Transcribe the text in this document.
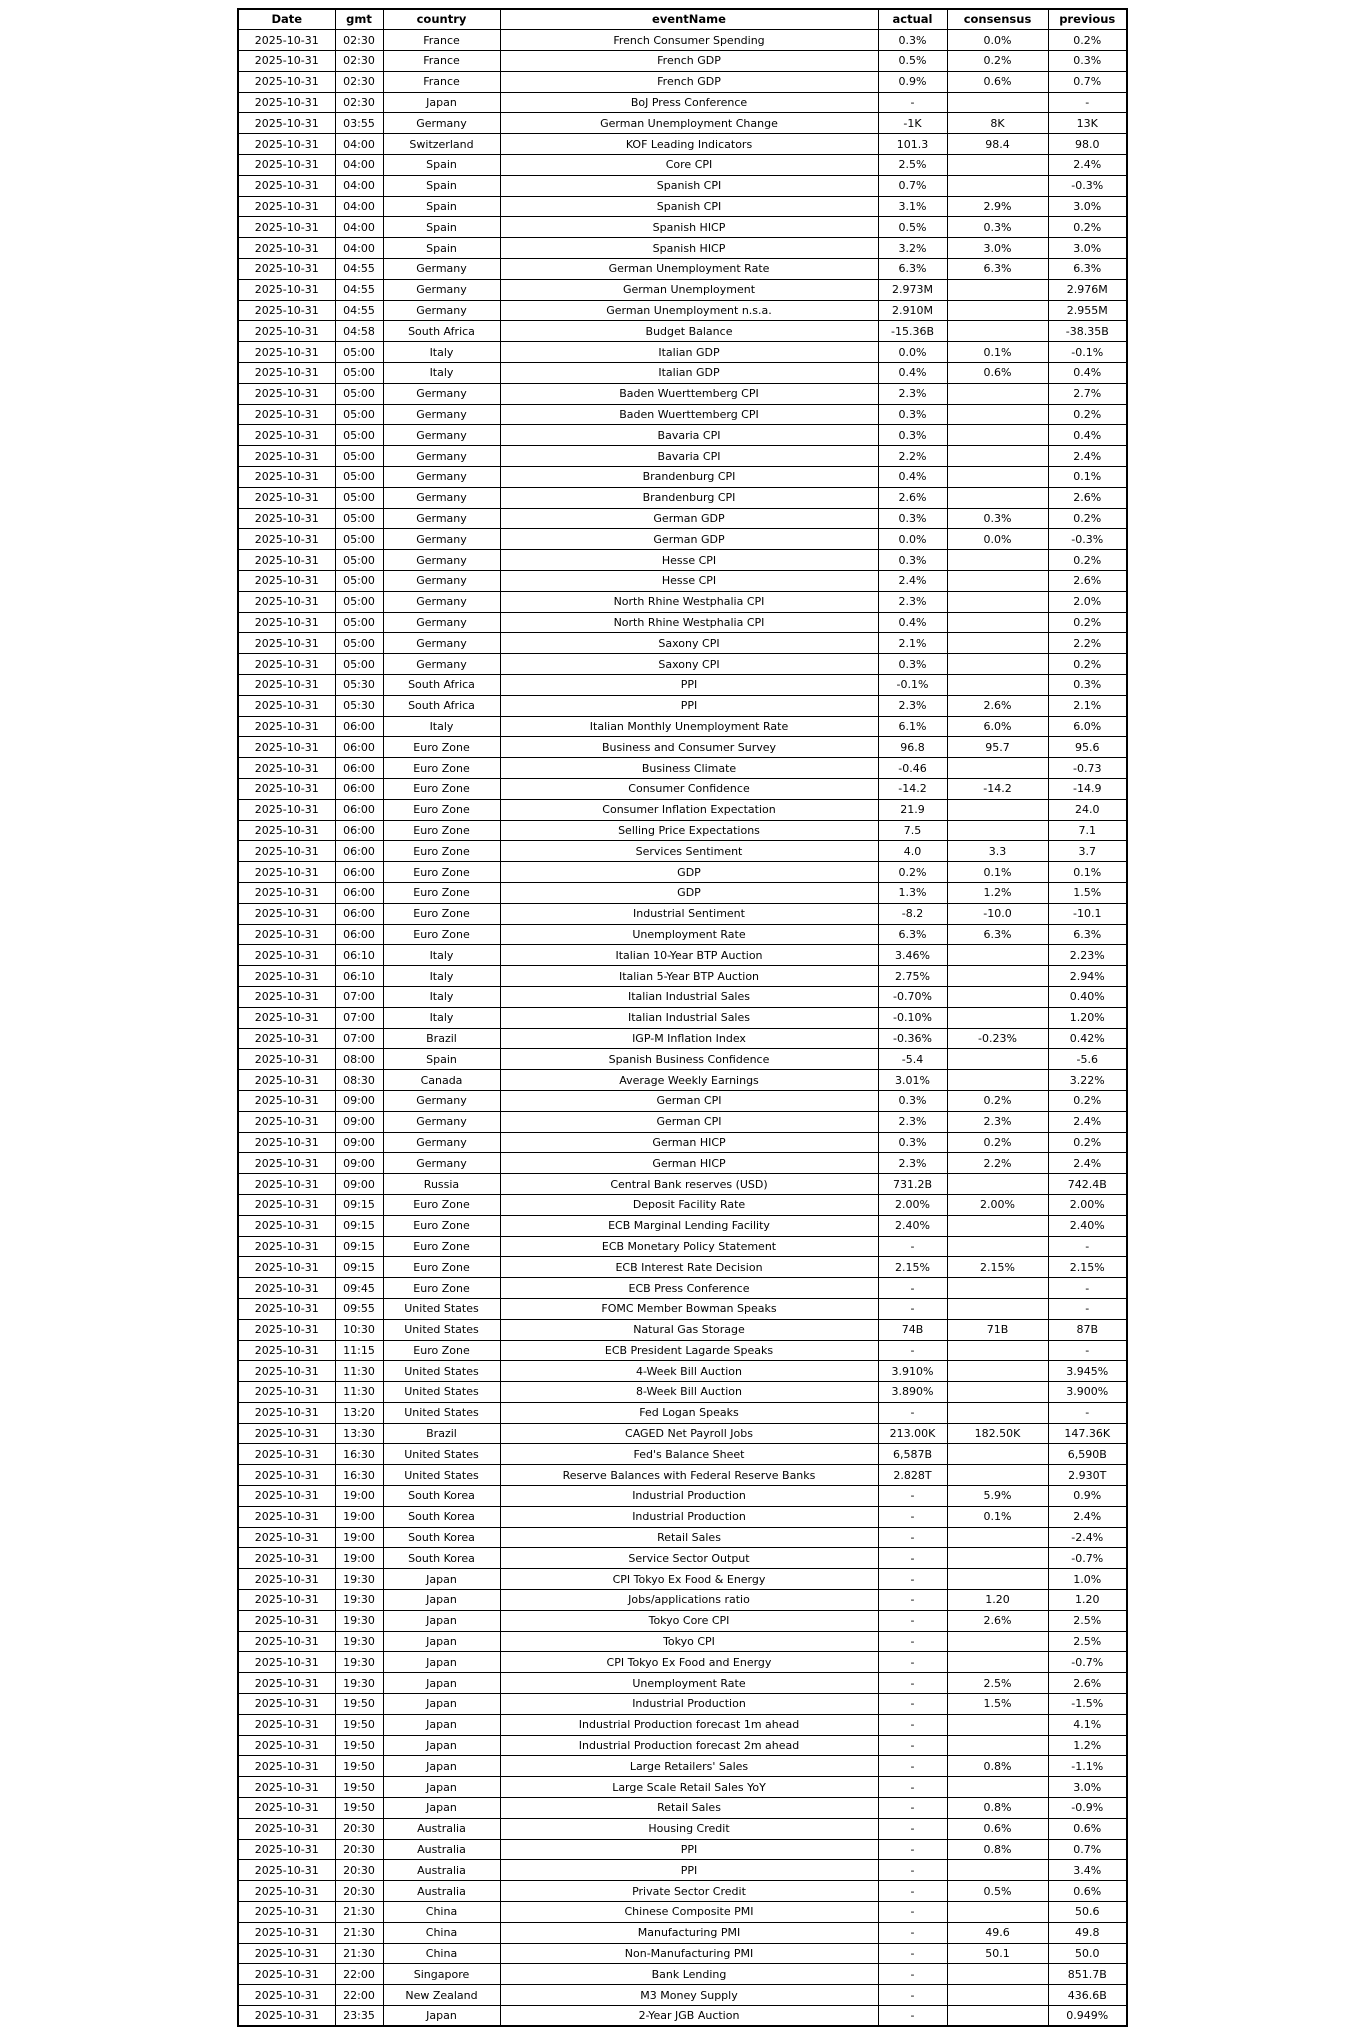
Date	gmt	country	eventName	actual	consensus	previous
2025-10-31	02:30	France	French Consumer Spending	0.3%	0.0%	0.2%
2025-10-31	02:30	France	French GDP	0.5%	0.2%	0.3%
2025-10-31	02:30	France	French GDP	0.9%	0.6%	0.7%
2025-10-31	02:30	Japan	BoJ Press Conference	-		-
2025-10-31	03:55	Germany	German Unemployment Change	-1K	8K	13K
2025-10-31	04:00	Switzerland	KOF Leading Indicators	101.3	98.4	98.0
2025-10-31	04:00	Spain	Core CPI	2.5%		2.4%
2025-10-31	04:00	Spain	Spanish CPI	0.7%		-0.3%
2025-10-31	04:00	Spain	Spanish CPI	3.1%	2.9%	3.0%
2025-10-31	04:00	Spain	Spanish HICP	0.5%	0.3%	0.2%
2025-10-31	04:00	Spain	Spanish HICP	3.2%	3.0%	3.0%
2025-10-31	04:55	Germany	German Unemployment Rate	6.3%	6.3%	6.3%
2025-10-31	04:55	Germany	German Unemployment	2.973M		2.976M
2025-10-31	04:55	Germany	German Unemployment n.s.a.	2.910M		2.955M
2025-10-31	04:58	South Africa	Budget Balance	-15.36B		-38.35B
2025-10-31	05:00	Italy	Italian GDP	0.0%	0.1%	-0.1%
2025-10-31	05:00	Italy	Italian GDP	0.4%	0.6%	0.4%
2025-10-31	05:00	Germany	Baden Wuerttemberg CPI	2.3%		2.7%
2025-10-31	05:00	Germany	Baden Wuerttemberg CPI	0.3%		0.2%
2025-10-31	05:00	Germany	Bavaria CPI	0.3%		0.4%
2025-10-31	05:00	Germany	Bavaria CPI	2.2%		2.4%
2025-10-31	05:00	Germany	Brandenburg CPI	0.4%		0.1%
2025-10-31	05:00	Germany	Brandenburg CPI	2.6%		2.6%
2025-10-31	05:00	Germany	German GDP	0.3%	0.3%	0.2%
2025-10-31	05:00	Germany	German GDP	0.0%	0.0%	-0.3%
2025-10-31	05:00	Germany	Hesse CPI	0.3%		0.2%
2025-10-31	05:00	Germany	Hesse CPI	2.4%		2.6%
2025-10-31	05:00	Germany	North Rhine Westphalia CPI	2.3%		2.0%
2025-10-31	05:00	Germany	North Rhine Westphalia CPI	0.4%		0.2%
2025-10-31	05:00	Germany	Saxony CPI	2.1%		2.2%
2025-10-31	05:00	Germany	Saxony CPI	0.3%		0.2%
2025-10-31	05:30	South Africa	PPI	-0.1%		0.3%
2025-10-31	05:30	South Africa	PPI	2.3%	2.6%	2.1%
2025-10-31	06:00	Italy	Italian Monthly Unemployment Rate	6.1%	6.0%	6.0%
2025-10-31	06:00	Euro Zone	Business and Consumer Survey	96.8	95.7	95.6
2025-10-31	06:00	Euro Zone	Business Climate	-0.46		-0.73
2025-10-31	06:00	Euro Zone	Consumer Confidence	-14.2	-14.2	-14.9
2025-10-31	06:00	Euro Zone	Consumer Inflation Expectation	21.9		24.0
2025-10-31	06:00	Euro Zone	Selling Price Expectations	7.5		7.1
2025-10-31	06:00	Euro Zone	Services Sentiment	4.0	3.3	3.7
2025-10-31	06:00	Euro Zone	GDP	0.2%	0.1%	0.1%
2025-10-31	06:00	Euro Zone	GDP	1.3%	1.2%	1.5%
2025-10-31	06:00	Euro Zone	Industrial Sentiment	-8.2	-10.0	-10.1
2025-10-31	06:00	Euro Zone	Unemployment Rate	6.3%	6.3%	6.3%
2025-10-31	06:10	Italy	Italian 10-Year BTP Auction	3.46%		2.23%
2025-10-31	06:10	Italy	Italian 5-Year BTP Auction	2.75%		2.94%
2025-10-31	07:00	Italy	Italian Industrial Sales	-0.70%		0.40%
2025-10-31	07:00	Italy	Italian Industrial Sales	-0.10%		1.20%
2025-10-31	07:00	Brazil	IGP-M Inflation Index	-0.36%	-0.23%	0.42%
2025-10-31	08:00	Spain	Spanish Business Confidence	-5.4		-5.6
2025-10-31	08:30	Canada	Average Weekly Earnings	3.01%		3.22%
2025-10-31	09:00	Germany	German CPI	0.3%	0.2%	0.2%
2025-10-31	09:00	Germany	German CPI	2.3%	2.3%	2.4%
2025-10-31	09:00	Germany	German HICP	0.3%	0.2%	0.2%
2025-10-31	09:00	Germany	German HICP	2.3%	2.2%	2.4%
2025-10-31	09:00	Russia	Central Bank reserves (USD)	731.2B		742.4B
2025-10-31	09:15	Euro Zone	Deposit Facility Rate	2.00%	2.00%	2.00%
2025-10-31	09:15	Euro Zone	ECB Marginal Lending Facility	2.40%		2.40%
2025-10-31	09:15	Euro Zone	ECB Monetary Policy Statement	-		-
2025-10-31	09:15	Euro Zone	ECB Interest Rate Decision	2.15%	2.15%	2.15%
2025-10-31	09:45	Euro Zone	ECB Press Conference	-		-
2025-10-31	09:55	United States	FOMC Member Bowman Speaks	-		-
2025-10-31	10:30	United States	Natural Gas Storage	74B	71B	87B
2025-10-31	11:15	Euro Zone	ECB President Lagarde Speaks	-		-
2025-10-31	11:30	United States	4-Week Bill Auction	3.910%		3.945%
2025-10-31	11:30	United States	8-Week Bill Auction	3.890%		3.900%
2025-10-31	13:20	United States	Fed Logan Speaks	-		-
2025-10-31	13:30	Brazil	CAGED Net Payroll Jobs	213.00K	182.50K	147.36K
2025-10-31	16:30	United States	Fed's Balance Sheet	6,587B		6,590B
2025-10-31	16:30	United States	Reserve Balances with Federal Reserve Banks	2.828T		2.930T
2025-10-31	19:00	South Korea	Industrial Production	-	5.9%	0.9%
2025-10-31	19:00	South Korea	Industrial Production	-	0.1%	2.4%
2025-10-31	19:00	South Korea	Retail Sales	-		-2.4%
2025-10-31	19:00	South Korea	Service Sector Output	-		-0.7%
2025-10-31	19:30	Japan	CPI Tokyo Ex Food & Energy	-		1.0%
2025-10-31	19:30	Japan	Jobs/applications ratio	-	1.20	1.20
2025-10-31	19:30	Japan	Tokyo Core CPI	-	2.6%	2.5%
2025-10-31	19:30	Japan	Tokyo CPI	-		2.5%
2025-10-31	19:30	Japan	CPI Tokyo Ex Food and Energy	-		-0.7%
2025-10-31	19:30	Japan	Unemployment Rate	-	2.5%	2.6%
2025-10-31	19:50	Japan	Industrial Production	-	1.5%	-1.5%
2025-10-31	19:50	Japan	Industrial Production forecast 1m ahead	-		4.1%
2025-10-31	19:50	Japan	Industrial Production forecast 2m ahead	-		1.2%
2025-10-31	19:50	Japan	Large Retailers' Sales	-	0.8%	-1.1%
2025-10-31	19:50	Japan	Large Scale Retail Sales YoY	-		3.0%
2025-10-31	19:50	Japan	Retail Sales	-	0.8%	-0.9%
2025-10-31	20:30	Australia	Housing Credit	-	0.6%	0.6%
2025-10-31	20:30	Australia	PPI	-	0.8%	0.7%
2025-10-31	20:30	Australia	PPI	-		3.4%
2025-10-31	20:30	Australia	Private Sector Credit	-	0.5%	0.6%
2025-10-31	21:30	China	Chinese Composite PMI	-		50.6
2025-10-31	21:30	China	Manufacturing PMI	-	49.6	49.8
2025-10-31	21:30	China	Non-Manufacturing PMI	-	50.1	50.0
2025-10-31	22:00	Singapore	Bank Lending	-		851.7B
2025-10-31	22:00	New Zealand	M3 Money Supply	-		436.6B
2025-10-31	23:35	Japan	2-Year JGB Auction	-		0.949%
